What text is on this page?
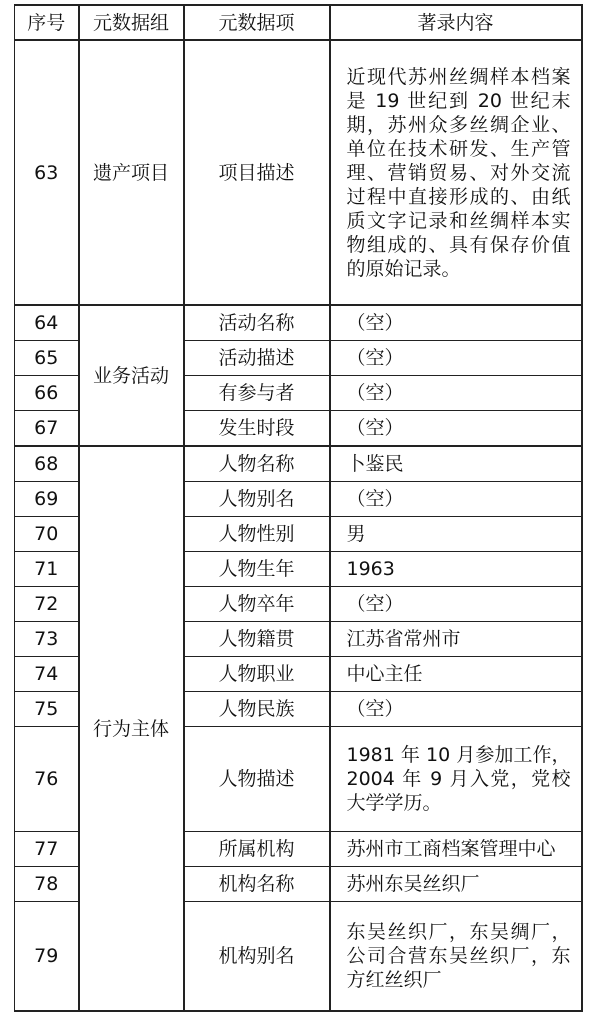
序号	元数据组	元数据项	著录内容
63	遗产项目	项目描述	近现代苏州丝绸样本档案是 19 世纪到 20 世纪末期，苏州众多丝绸企业、单位在技术研发、生产管理、营销贸易、对外交流过程中直接形成的、由纸质文字记录和丝绸样本实物组成的、具有保存价值的原始记录。
64	业务活动	活动名称	（空）
65		活动描述	（空）
66		有参与者	（空）
67		发生时段	（空）
68	行为主体	人物名称	卜鉴民
69		人物别名	（空）
70		人物性别	男
71		人物生年	1963
72		人物卒年	（空）
73		人物籍贯	江苏省常州市
74		人物职业	中心主任
75		人物民族	（空）
76		人物描述	1981 年 10 月参加工作，2004 年 9 月入党，党校大学学历。
77		所属机构	苏州市工商档案管理中心
78		机构名称	苏州东吴丝织厂
79		机构别名	东吴丝织厂，东吴绸厂，公司合营东吴丝织厂，东方红丝织厂
